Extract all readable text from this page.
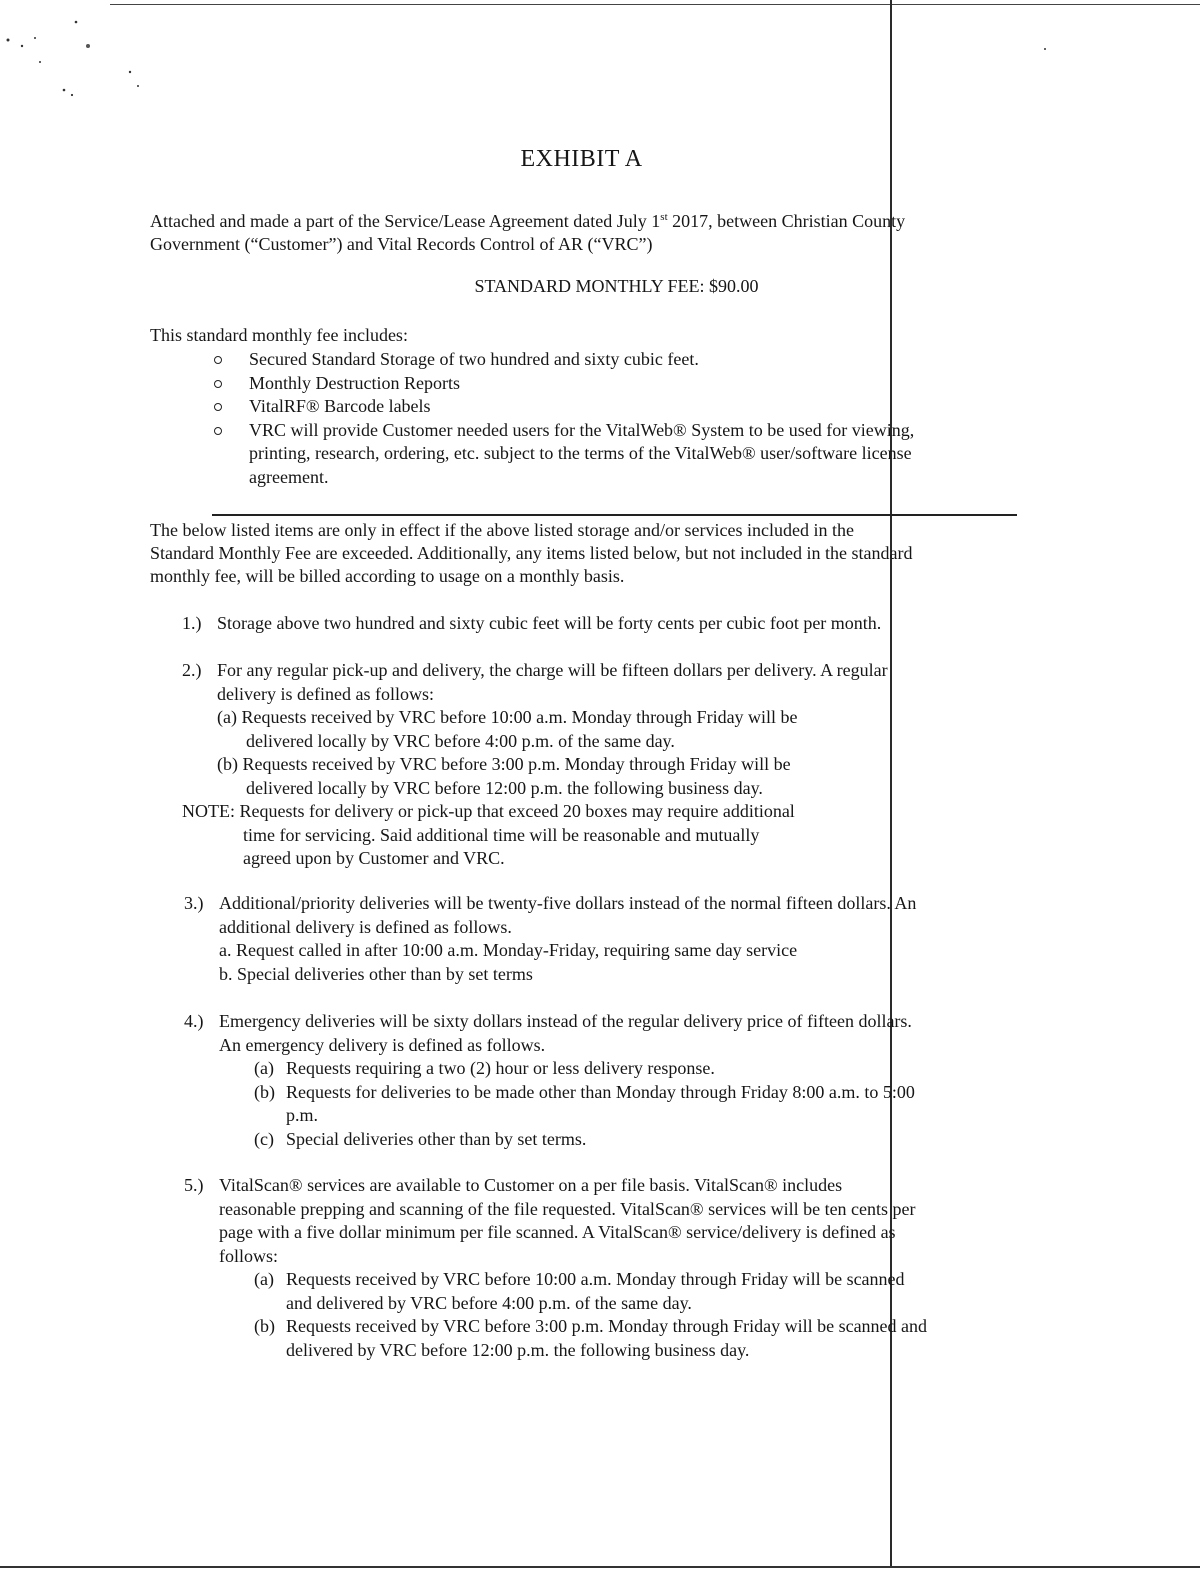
EXHIBIT A
Attached and made a part of the Service/Lease Agreement dated July 1st 2017, between Christian County
Government (“Customer”) and Vital Records Control of AR (“VRC”)
STANDARD MONTHLY FEE: $90.00
This standard monthly fee includes:
Secured Standard Storage of two hundred and sixty cubic feet.
Monthly Destruction Reports
VitalRF® Barcode labels
VRC will provide Customer needed users for the VitalWeb® System to be used for viewing,
printing, research, ordering, etc. subject to the terms of the VitalWeb® user/software license
agreement.
The below listed items are only in effect if the above listed storage and/or services included in the
Standard Monthly Fee are exceeded. Additionally, any items listed below, but not included in the standard
monthly fee, will be billed according to usage on a monthly basis.
1.) Storage above two hundred and sixty cubic feet will be forty cents per cubic foot per month.
2.) For any regular pick-up and delivery, the charge will be fifteen dollars per delivery. A regular
delivery is defined as follows:
(a) Requests received by VRC before 10:00 a.m. Monday through Friday will be
delivered locally by VRC before 4:00 p.m. of the same day.
(b) Requests received by VRC before 3:00 p.m. Monday through Friday will be
delivered locally by VRC before 12:00 p.m. the following business day.
NOTE: Requests for delivery or pick-up that exceed 20 boxes may require additional
time for servicing. Said additional time will be reasonable and mutually
agreed upon by Customer and VRC.
3.) Additional/priority deliveries will be twenty-five dollars instead of the normal fifteen dollars. An
additional delivery is defined as follows.
a. Request called in after 10:00 a.m. Monday-Friday, requiring same day service
b. Special deliveries other than by set terms
4.) Emergency deliveries will be sixty dollars instead of the regular delivery price of fifteen dollars.
An emergency delivery is defined as follows.
(a) Requests requiring a two (2) hour or less delivery response.
(b) Requests for deliveries to be made other than Monday through Friday 8:00 a.m. to 5:00
p.m.
(c) Special deliveries other than by set terms.
5.) VitalScan® services are available to Customer on a per file basis. VitalScan® includes
reasonable prepping and scanning of the file requested. VitalScan® services will be ten cents per
page with a five dollar minimum per file scanned. A VitalScan® service/delivery is defined as
follows:
(a) Requests received by VRC before 10:00 a.m. Monday through Friday will be scanned
and delivered by VRC before 4:00 p.m. of the same day.
(b) Requests received by VRC before 3:00 p.m. Monday through Friday will be scanned and
delivered by VRC before 12:00 p.m. the following business day.
